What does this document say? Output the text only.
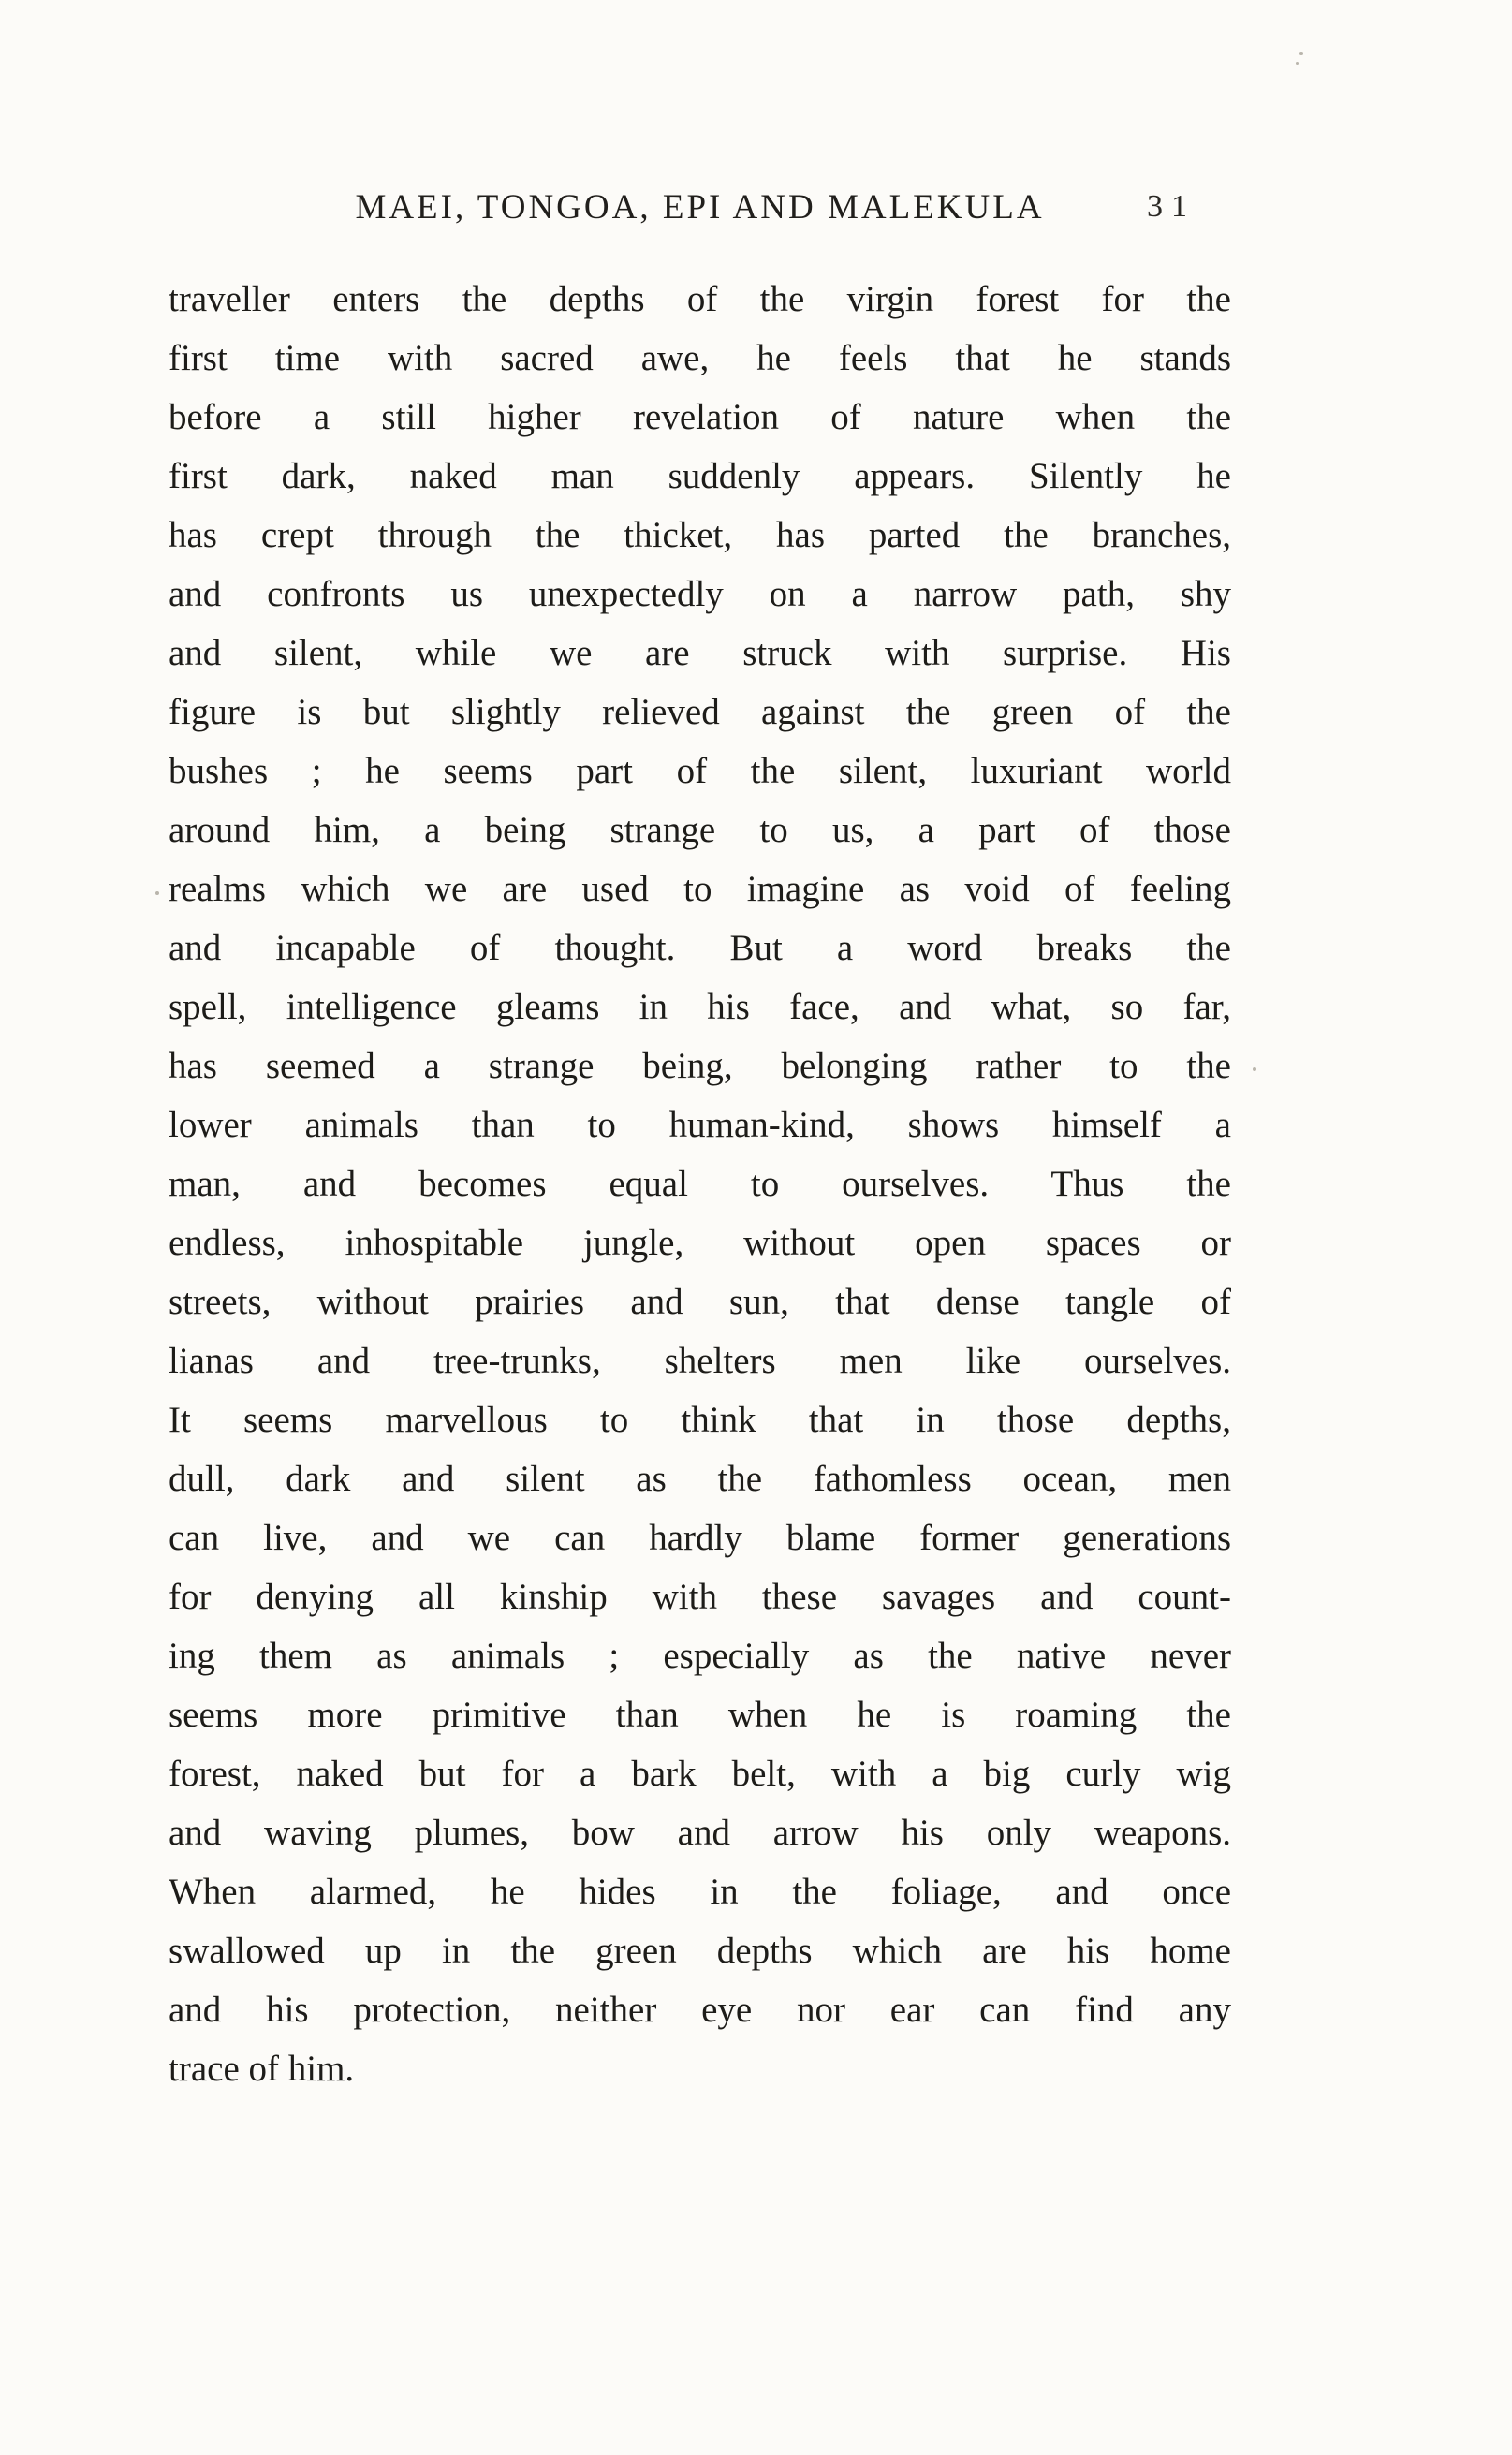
MAEI, TONGOA, EPI AND MALEKULA	31
traveller enters the depths of the virgin forest for the
first time with sacred awe, he feels that he stands
before a still higher revelation of nature when the
first dark, naked man suddenly appears. Silently he
has crept through the thicket, has parted the branches,
and confronts us unexpectedly on a narrow path, shy
and silent, while we are struck with surprise. His
figure is but slightly relieved against the green of the
bushes ; he seems part of the silent, luxuriant world
around him, a being strange to us, a part of those
realms which we are used to imagine as void of feeling
and incapable of thought. But a word breaks the
spell, intelligence gleams in his face, and what, so far,
has seemed a strange being, belonging rather to the
lower animals than to human-kind, shows himself a
man, and becomes equal to ourselves. Thus the
endless, inhospitable jungle, without open spaces or
streets, without prairies and sun, that dense tangle of
lianas and tree-trunks, shelters men like ourselves.
It seems marvellous to think that in those depths,
dull, dark and silent as the fathomless ocean, men
can live, and we can hardly blame former generations
for denying all kinship with these savages and count-
ing them as animals ; especially as the native never
seems more primitive than when he is roaming the
forest, naked but for a bark belt, with a big curly wig
and waving plumes, bow and arrow his only weapons.
When alarmed, he hides in the foliage, and once
swallowed up in the green depths which are his home
and his protection, neither eye nor ear can find any
trace of him.
